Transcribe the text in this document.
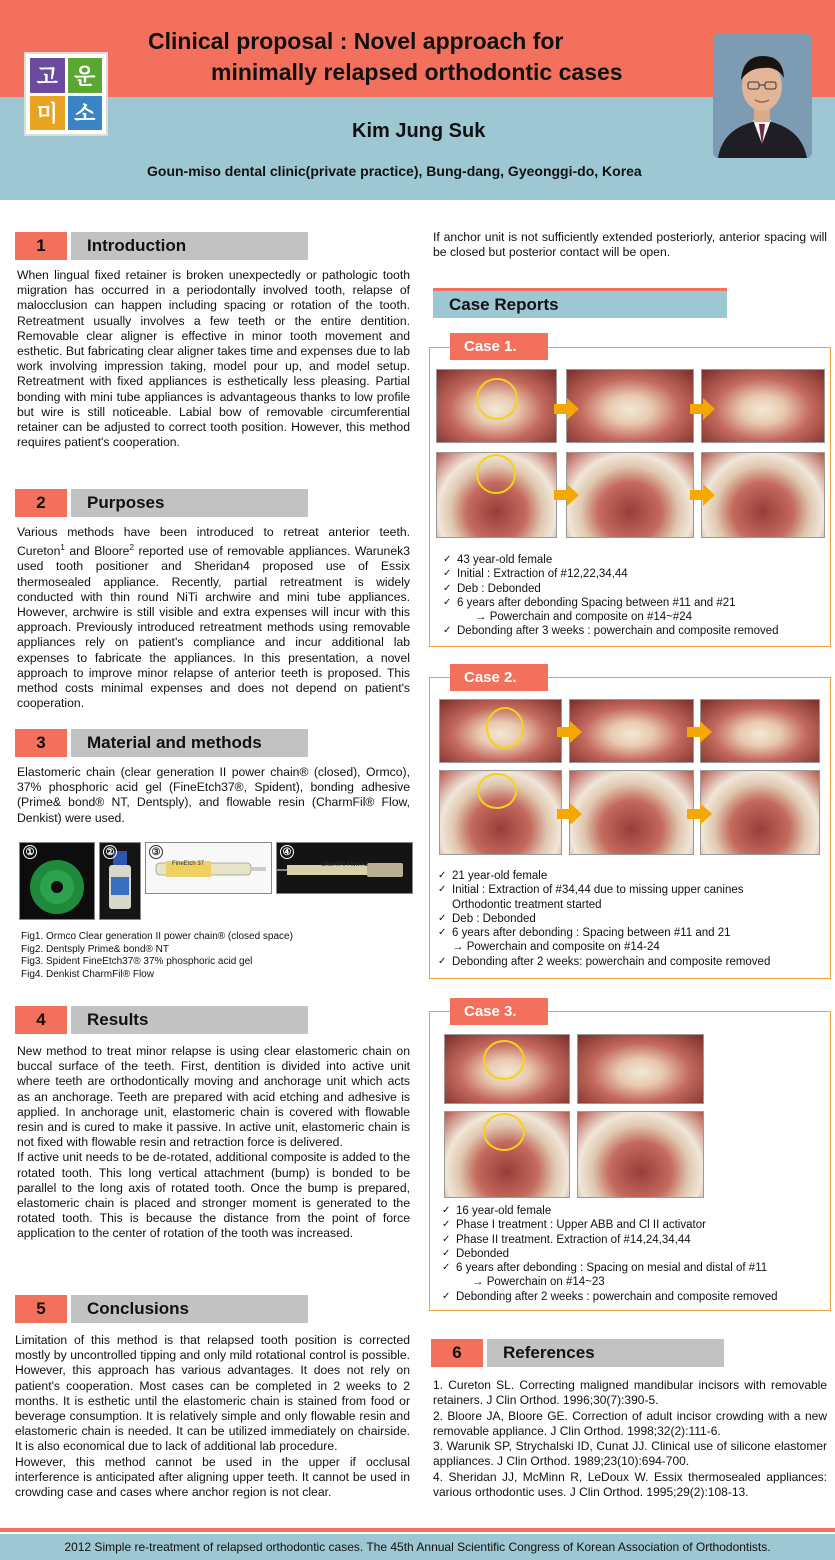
고 운
미 소
Clinical proposal : Novel approach for
minimally relapsed orthodontic cases
Kim Jung Suk
Goun-miso dental clinic(private practice), Bung-dang, Gyeonggi-do, Korea
1	Introduction

When lingual fixed retainer is broken unexpectedly or pathologic tooth migration has occurred in a periodontally involved tooth, relapse of malocclusion can happen including spacing or rotation of the tooth. Retreatment usually involves a few teeth or the entire dentition. Removable clear aligner is effective in minor tooth movement and esthetic. But fabricating clear aligner takes time and expenses due to lab work involving impression taking, model pour up, and model setup. Retreatment with fixed appliances is esthetically less pleasing. Partial bonding with mini tube appliances is advantageous thanks to low profile but wire is still noticeable. Labial bow of removable circumferential retainer can be adjusted to correct tooth position. However, this method requires patient's cooperation.

2	Purposes

Various methods have been introduced to retreat anterior teeth. Cureton$^1$ and Bloore$^2$ reported use of removable appliances. Warunek3 used tooth positioner and Sheridan4 proposed use of Essix thermosealed appliance. Recently, partial retreatment is widely conducted with thin round NiTi archwire and mini tube appliances. However, archwire is still visible and extra expenses will incur with this approach. Previously introduced retreatment methods using removable appliances rely on patient's compliance and incur additional lab expenses to fabricate the appliances. In this presentation, a novel approach to improve minor relapse of anterior teeth is proposed. This method costs minimal expenses and does not depend on patient's cooperation.

3	Material and methods

Elastomeric chain (clear generation II power chain® (closed), Ormco), 37% phosphoric acid gel (FineEtch37®, Spident), bonding adhesive (Prime& bond® NT, Dentsply), and flowable resin (CharmFil® Flow, Denkist) were used.

①	②
FineEtch 37
③
CharmFil Flow A2
④
Fig1. Ormco Clear generation II power chain® (closed space)
Fig2. Dentsply Prime& bond® NT
Fig3. Spident FineEtch37® 37% phosphoric acid gel
Fig4. Denkist CharmFil® Flow
4	Results

New method to treat minor relapse is using clear elastomeric chain on buccal surface of the teeth. First, dentition is divided into active unit where teeth are orthodontically moving and anchorage unit which acts as an anchorage. Teeth are prepared with acid etching and adhesive is applied. In anchorage unit, elastomeric chain is covered with flowable resin and is cured to make it passive. In active unit, elastomeric chain is not fixed with flowable resin and retraction force is delivered.

If active unit needs to be de-rotated, additional composite is added to the rotated tooth. This long vertical attachment (bump) is bonded to be parallel to the long axis of rotated tooth. Once the bump is prepared, elastomeric chain is placed and stronger moment is generated to the rotated tooth. This is because the distance from the point of force application to the center of rotation of the tooth was increased.

5	Conclusions

Limitation of this method is that relapsed tooth position is corrected mostly by uncontrolled tipping and only mild rotational control is possible. However, this approach has various advantages. It does not rely on patient's cooperation. Most cases can be completed in 2 weeks to 2 months. It is esthetic until the elastomeric chain is stained from food or beverage consumption. It is relatively simple and only flowable resin and elastomeric chain is needed. It can be utilized immediately on chairside. It is also economical due to lack of additional lab procedure.

However, this method cannot be used in the upper if occlusal interference is anticipated after aligning upper teeth. It cannot be used in crowding case and cases where anchor region is not clear.

If anchor unit is not sufficiently extended posteriorly, anterior spacing will be closed but posterior contact will be open.

Case Reports
Case 1.
✓ 43 year-old female
✓ Initial : Extraction of #12,22,34,44
✓ Deb : Debonded
✓ 6 years after debonding Spacing between #11 and #21
→ Powerchain and composite on #14~#24
✓ Debonding after 3 weeks : powerchain and composite removed
Case 2.
✓ 21 year-old female
✓ Initial : Extraction of #34,44 due to missing upper canines
Orthodontic treatment started
✓ Deb : Debonded
✓ 6 years after debonding : Spacing between #11 and 21
→ Powerchain and composite on #14-24
✓ Debonding after 2 weeks: powerchain and composite removed
Case 3.
✓ 16 year-old female
✓ Phase I treatment : Upper ABB and Cl II activator
✓ Phase II treatment. Extraction of #14,24,34,44
✓ Debonded
✓ 6 years after debonding : Spacing on mesial and distal of #11
→ Powerchain on #14~23
✓ Debonding after 2 weeks : powerchain and composite removed
6	References

1. Cureton SL. Correcting maligned mandibular incisors with removable retainers. J Clin Orthod. 1996;30(7):390-5.

2. Bloore JA, Bloore GE. Correction of adult incisor crowding with a new removable appliance. J Clin Orthod. 1998;32(2):111-6.

3. Warunik SP, Strychalski ID, Cunat JJ. Clinical use of silicone elastomer appliances. J Clin Orthod. 1989;23(10):694-700.

4. Sheridan JJ, McMinn R, LeDoux W. Essix thermosealed appliances: various orthodontic uses. J Clin Orthod. 1995;29(2):108-13.

2012 Simple re-treatment of relapsed orthodontic cases. The 45th Annual Scientific Congress of Korean Association of Orthodontists.
